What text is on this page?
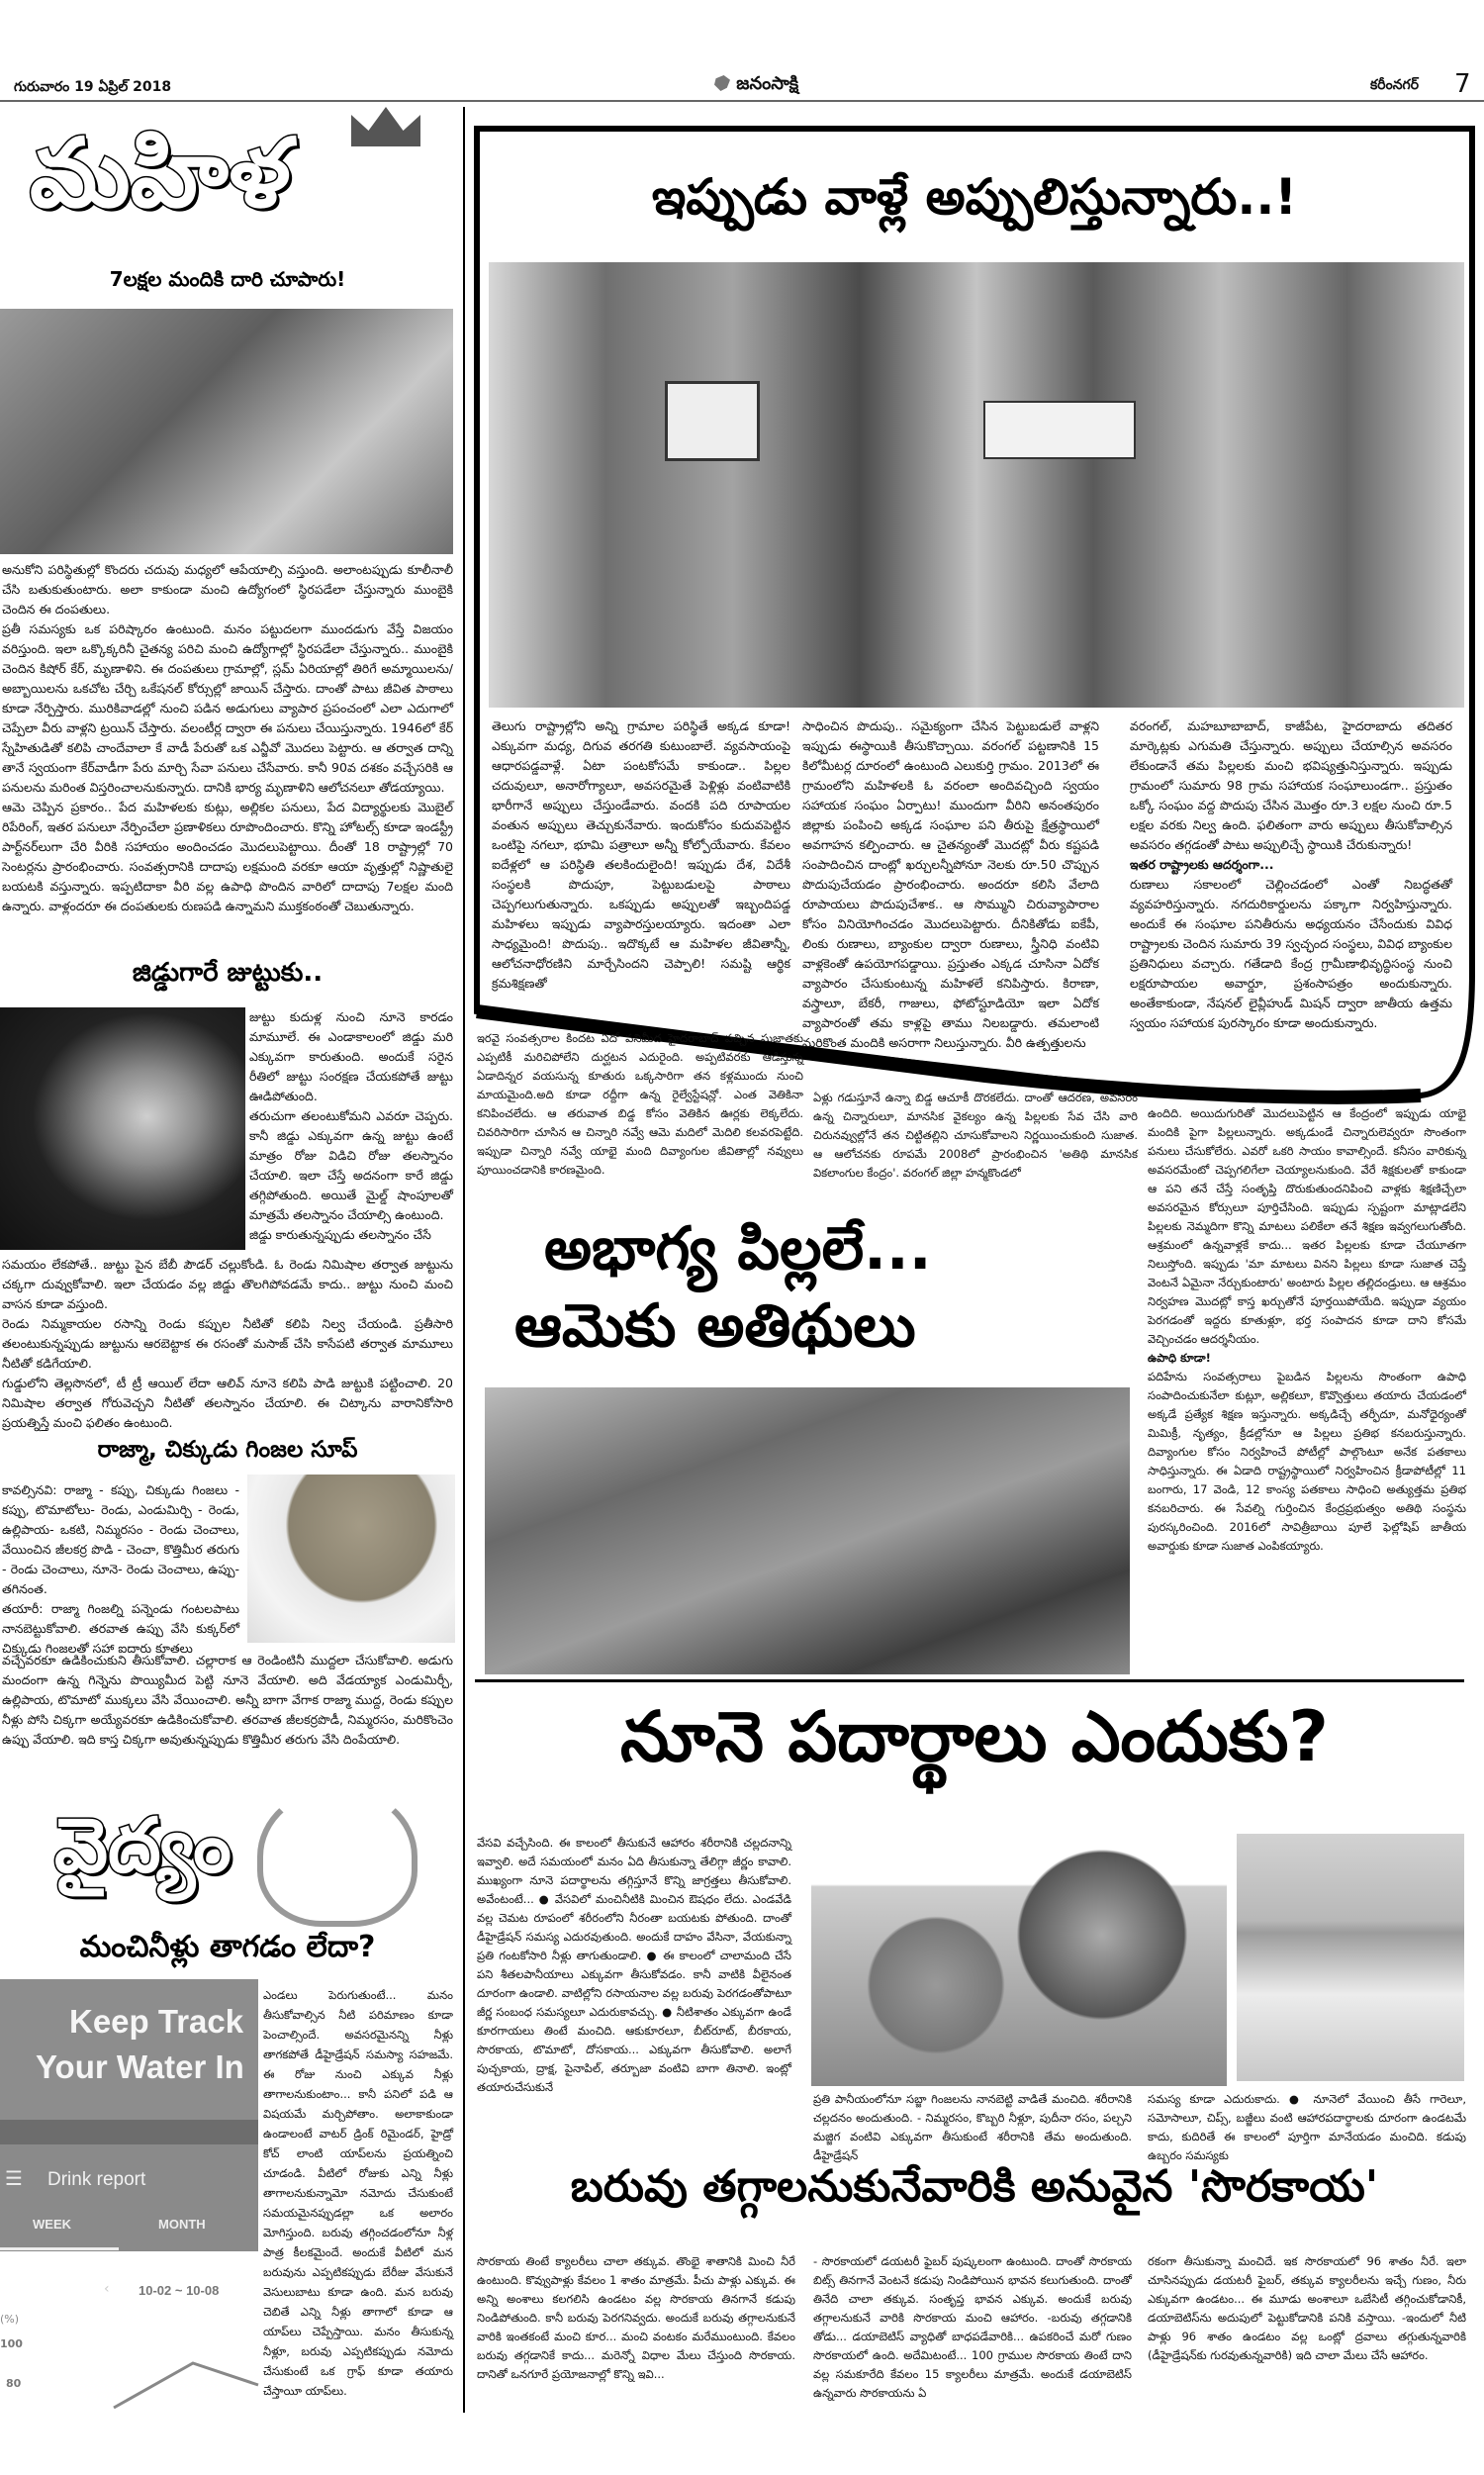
గురువారం 19 ఏప్రిల్ 2018	జనంసాక్షి	కరీంనగర్ 7
మహిళ
7లక్షల మందికి దారి చూపారు!

అనుకోని పరిస్థితుల్లో కొందరు చదువు మధ్యలో ఆపేయాల్సి వస్తుంది. అలాంటప్పుడు కూలీనాలీ చేసి బతుకుతుంటారు. అలా కాకుండా మంచి ఉద్యోగంలో స్థిరపడేలా చేస్తున్నారు ముంబైకి చెందిన ఈ దంపతులు.

ప్రతీ సమస్యకు ఒక పరిష్కారం ఉంటుంది. మనం పట్టుదలగా ముందడుగు వేస్తే విజయం వరిస్తుంది. ఇలా ఒక్కొక్కరినీ చైతన్య పరిచి మంచి ఉద్యోగాల్లో స్థిరపడేలా చేస్తున్నారు.. ముంబైకి చెందిన కిషోర్ కేర్, మృణాళిని. ఈ దంపతులు గ్రామాల్లో, స్లమ్ ఏరియాల్లో తిరిగే అమ్మాయిలను/ అబ్బాయిలను ఒకచోట చేర్చి ఒకేషనల్ కోర్సుల్లో జాయిన్ చేస్తారు. దాంతో పాటు జీవిత పాఠాలు కూడా నేర్పిస్తారు. మురికివాడల్లో నుంచి పడిన అడుగులు వ్యాపార ప్రపంచంలో ఎలా ఎదుగాలో చెప్పేలా వీరు వాళ్లని ట్రయిన్ చేస్తారు. వలంటీర్ల ద్వారా ఈ పనులు చేయిస్తున్నారు. 1946లో కేర్ స్నేహితుడితో కలిపి చాందేవాలా కే వాడీ పేరుతో ఒక ఎన్జీవో మొదలు పెట్టారు. ఆ తర్వాత దాన్ని తానే స్వయంగా కేర్‌వాడీగా పేరు మార్చి సేవా పనులు చేసేవారు. కానీ 90వ దశకం వచ్చేసరికి ఆ పనులను మరింత విస్తరించాలనుకున్నారు. దానికి భార్య మృణాళిని ఆలోచనలూ తోడయ్యాయి.

ఆమె చెప్పిన ప్రకారం.. పేద మహిళలకు కుట్లు, అల్లికల పనులు, పేద విద్యార్థులకు మొబైల్ రిపేరింగ్, ఇతర పనులూ నేర్పించేలా ప్రణాళికలు రూపొందించారు. కొన్ని హోటల్స్ కూడా ఇండస్ట్రీ పార్ట్‌నర్‌లుగా చేరి వీరికి సహాయం అందించడం మొదలుపెట్టాయి. దీంతో 18 రాష్ట్రాల్లో 70 సెంటర్లను ప్రారంభించారు. సంవత్సరానికి దాదాపు లక్షమంది వరకూ ఆయా వృత్తుల్లో నిష్ణాతులై బయటకి వస్తున్నారు. ఇప్పటిదాకా వీరి వల్ల ఉపాధి పొందిన వారిలో దాదాపు 7లక్షల మంది ఉన్నారు. వాళ్లందరూ ఈ దంపతులకు రుణపడి ఉన్నామని ముక్తకంఠంతో చెబుతున్నారు.

జిడ్డుగారే జుట్టుకు..

జుట్టు కుదుళ్ల నుంచి నూనె కారడం మామూలే. ఈ ఎండాకాలంలో జిడ్డు మరి ఎక్కువగా కారుతుంది. అందుకే సరైన రీతిలో జుట్టు సంరక్షణ చేయకపోతే జుట్టు ఊడిపోతుంది.

తరుచుగా తలంటుకోమని ఎవరూ చెప్పరు. కానీ జిడ్డు ఎక్కువగా ఉన్న జుట్టు ఉంటే మాత్రం రోజు విడిచి రోజు తలస్నానం చేయాలి. ఇలా చేస్తే అదనంగా కారే జిడ్డు తగ్గిపోతుంది. అయితే మైల్డ్ షాంపూలతో మాత్రమే తలస్నానం చేయాల్సి ఉంటుంది.

జిడ్డు కారుతున్నప్పుడు తలస్నానం చేసే

సమయం లేకపోతే.. జుట్టు పైన బేబీ పౌడర్ చల్లుకోండి. ఓ రెండు నిమిషాల తర్వాత జుట్టును చక్కగా దువ్వుకోవాలి. ఇలా చేయడం వల్ల జిడ్డు తొలగిపోవడమే కాదు.. జుట్టు నుంచి మంచి వాసన కూడా వస్తుంది.

రెండు నిమ్మకాయల రసాన్ని రెండు కప్పుల నీటితో కలిపి నిల్వ చేయండి. ప్రతీసారి తలంటుకున్నప్పుడు జుట్టును ఆరబెట్టాక ఈ రసంతో మసాజ్ చేసి కాసేపటి తర్వాత మామూలు నీటితో కడిగేయాలి.

గుడ్డులోని తెల్లసొనలో, టీ ట్రీ ఆయిల్ లేదా ఆలివ్ నూనె కలిపి పాడి జుట్టుకి పట్టించాలి. 20 నిమిషాల తర్వాత గోరువెచ్చని నీటితో తలస్నానం చేయాలి. ఈ చిట్కాను వారానికోసారి ప్రయత్నిస్తే మంచి ఫలితం ఉంటుంది.

రాజ్మా, చిక్కుడు గింజల సూప్

కావల్సినవి: రాజ్మా - కప్పు, చిక్కుడు గింజలు - కప్పు, టొమాటోలు- రెండు, ఎండుమిర్చి - రెండు, ఉల్లిపాయ- ఒకటి, నిమ్మరసం - రెండు చెంచాలు, వేయించిన జీలకర్ర పొడి - చెంచా, కొత్తిమీర తరుగు - రెండు చెంచాలు, నూనె- రెండు చెంచాలు, ఉప్పు-తగినంత.

తయారీ: రాజ్మా గింజల్ని పన్నెండు గంటలపాటు నానబెట్టుకోవాలి. తరవాత ఉప్పు వేసి కుక్కర్‌లో చిక్కుడు గింజలతో సహా ఐదారు కూతలు

వచ్చేవరకూ ఉడికించుకుని తీసుకోవాలి. చల్లారాక ఆ రెండింటినీ ముద్దలా చేసుకోవాలి. అడుగు మందంగా ఉన్న గిన్నెను పొయ్యిమీద పెట్టి నూనె వేయాలి. అది వేడయ్యాక ఎండుమిర్చీ, ఉల్లిపాయ, టొమాటో ముక్కలు వేసి వేయించాలి. అన్నీ బాగా వేగాక రాజ్మా ముద్ద, రెండు కప్పుల నీళ్లు పోసి చిక్కగా అయ్యేవరకూ ఉడికించుకోవాలి. తరవాత జీలకర్రపొడీ, నిమ్మరసం, మరికొంచెం ఉప్పు వేయాలి. ఇది కాస్త చిక్కగా అవుతున్నప్పుడు కొత్తిమీర తరుగు వేసి దింపేయాలి.
వైద్యం
మంచినీళ్లు తాగడం లేదా?
Keep Track
Your Water In
☰ Drink report
WEEK	MONTH
‹ 10-02 ~ 10-08
(%)
100
80
ఎండలు పెరుగుతుంటే... మనం తీసుకోవాల్సిన నీటి పరిమాణం కూడా పెంచాల్సిందే. అవసరమైనన్ని నీళ్లు తాగకపోతే డీహైడ్రేషన్ సమస్యా సహజమే. ఈ రోజు నుంచి ఎక్కువ నీళ్లు తాగాలనుకుంటాం... కానీ పనిలో పడి ఆ విషయమే మర్చిపోతాం. అలాకాకుండా ఉండాలంటే వాటర్ డ్రింక్ రిమైండర్, హైడ్రో కోచ్ లాంటి యాప్‌లను ప్రయత్నించి చూడండి. వీటిలో రోజుకు ఎన్ని నీళ్లు తాగాలనుకున్నామో నమోదు చేసుకుంటే సమయమైనప్పుడల్లా ఒక అలారం మోగిస్తుంది. బరువు తగ్గించడంలోనూ నీళ్ల పాత్ర కీలకమైందే. అందుకే వీటిలో మన బరువును ఎప్పటికప్పుడు బేరీజు వేసుకునే వెసులుబాటు కూడా ఉంది. మన బరువు చెబితే ఎన్ని నీళ్లు తాగాలో కూడా ఆ యాప్‌లు చెప్పేస్తాయి. మనం తీసుకున్న నీళ్లూ, బరువు ఎప్పటికప్పుడు నమోదు చేసుకుంటే ఒక గ్రాఫ్ కూడా తయారు చేస్తాయీ యాప్‌లు.
ఇప్పుడు వాళ్లే అప్పులిస్తున్నారు..!
తెలుగు రాష్ట్రాల్లోని అన్ని గ్రామాల పరిస్థితే అక్కడ కూడా! ఎక్కువగా మధ్య, దిగువ తరగతి కుటుంబాలే. వ్యవసాయంపై ఆధారపడ్డవాళ్లే. ఏటా పంటకోసమే కాకుండా.. పిల్లల చదువులూ, అనారోగ్యాలూ, అవసరమైతే పెళ్లిళ్లు వంటివాటికి భారీగానే అప్పులు చేస్తుండేవారు. వందకి పది రూపాయల వంతున అప్పులు తెచ్చుకునేవారు. ఇందుకోసం కుదువపెట్టిన ఒంటిపై నగలూ, భూమి పత్రాలూ అన్నీ కోల్పోయేవారు. కేవలం ఐదేళ్లలో ఆ పరిస్థితి తలకిందులైంది! ఇప్పుడు దేశ, విదేశీ సంస్థలకి పొదుపూ, పెట్టుబడులపై పాఠాలు చెప్పగలుగుతున్నారు. ఒకప్పుడు అప్పులతో ఇబ్బందిపడ్డ మహిళలు ఇప్పుడు వ్యాపారస్తులయ్యారు. ఇదంతా ఎలా సాధ్యమైంది! పొదుపు.. ఇదొక్కటే ఆ మహిళల జీవితాన్నీ, ఆలోచనాధోరణిని మార్చేసిందని చెప్పాలి! సమష్టి ఆర్థిక క్రమశిక్షణతో
సాధించిన పొదుపు.. సమైక్యంగా చేసిన పెట్టుబడులే వాళ్లని ఇప్పుడు ఈస్థాయికి తీసుకొచ్చాయి. వరంగల్ పట్టణానికి 15 కిలోమీటర్ల దూరంలో ఉంటుంది ఎలుకుర్తి గ్రామం. 2013లో ఈ గ్రామంలోని మహిళలకి ఓ వరంలా అందివచ్చింది స్వయం సహాయక సంఘం ఏర్పాటు! ముందుగా వీరిని అనంతపురం జిల్లాకు పంపించి అక్కడ సంఘాల పని తీరుపై క్షేత్రస్థాయిలో అవగాహన కల్పించారు. ఆ చైతన్యంతో మొదట్లో వీరు కష్టపడి సంపాదించిన దాంట్లో ఖర్చులన్నీపోనూ నెలకు రూ.50 చొప్పున పొదుపుచేయడం ప్రారంభించారు. అందరూ కలిసి వేలాది రూపాయలు పొదుపుచేశాక.. ఆ సొమ్ముని చిరువ్యాపారాల కోసం వినియోగించడం మొదలుపెట్టారు. దీనికితోడు ఐకేపీ, లింకు రుణాలు, బ్యాంకుల ద్వారా రుణాలు, స్త్రీనిధి వంటివి వాళ్లకెంతో ఉపయోగపడ్డాయి. ప్రస్తుతం ఎక్కడ చూసినా ఏదోక వ్యాపారం చేసుకుంటున్న మహిళలే కనిపిస్తారు. కిరాణా, వస్త్రాలూ, బేకరీ, గాజులు, ఫోటోస్టూడియో ఇలా ఏదోక వ్యాపారంతో తమ కాళ్లపై తాము నిలబడ్డారు. తమలాంటి మరికొంత మందికి అసరాగా నిలుస్తున్నారు. వీరి ఉత్పత్తులను

వరంగల్, మహబూబాబాద్, కాజీపేట, హైదరాబాదు తదితర మార్కెట్లకు ఎగుమతి చేస్తున్నారు. అప్పులు చేయాల్సిన అవసరం లేకుండానే తమ పిల్లలకు మంచి భవిష్యత్తునిస్తున్నారు. ఇప్పుడు గ్రామంలో సుమారు 98 గ్రామ సహాయక సంఘాలుండగా.. ప్రస్తుతం ఒక్కో సంఘం వద్ద పొదుపు చేసిన మొత్తం రూ.3 లక్షల నుంచి రూ.5 లక్షల వరకు నిల్వ ఉంది. ఫలితంగా వారు అప్పులు తీసుకోవాల్సిన అవసరం తగ్గడంతో పాటు అప్పులిచ్చే స్థాయికి చేరుకున్నారు!

ఇతర రాష్ట్రాలకు ఆదర్శంగా...

రుణాలు సకాలంలో చెల్లించడంలో ఎంతో నిబద్ధతతో వ్యవహరిస్తున్నారు. నగదురికార్డులను పక్కాగా నిర్వహిస్తున్నారు. అందుకే ఈ సంఘాల పనితీరును అధ్యయనం చేసేందుకు వివిధ రాష్ట్రాలకు చెందిన సుమారు 39 స్వచ్ఛంద సంస్థలు, వివిధ బ్యాంకుల ప్రతినిధులు వచ్చారు. గతేడాది కేంద్ర గ్రామీణాభివృద్ధిసంస్థ నుంచి లక్షరూపాయల అవార్డూ, ప్రశంసాపత్రం అందుకున్నారు. అంతేకాకుండా, నేషనల్ లైవ్లీహుడ్ మిషన్ ద్వారా జాతీయ ఉత్తమ స్వయం సహాయక పురస్కారం కూడా అందుకున్నారు.

ఇరవై సంవత్సరాల కిందట ఏదో పనిమీద హైదరాబాద్ వచ్చిన సుజాతకు ఎప్పటికీ మరిచిపోలేని దుర్ఘటన ఎదురైంది. అప్పటివరకు ఆడిస్తున్న ఏడాదిన్నర వయసున్న కూతురు ఒక్కసారిగా తన కళ్లముందు నుంచి మాయమైంది.అది కూడా రద్దీగా ఉన్న రైల్వేస్టేషన్లో. ఎంత వెతికినా కనిపించలేదు. ఆ తరువాత బిడ్డ కోసం వెతికిన ఊర్లకు లెక్కలేదు. చివరిసారిగా చూసిన ఆ చిన్నారి నవ్వే ఆమె మదిలో మెదిలి కలవరపెట్టేది. ఇప్పుడా చిన్నారి నవ్వే యాభై మంది దివ్యాంగుల జీవితాల్లో నవ్వులు పూయించడానికి కారణమైంది.
ఏళ్లు గడుస్తూనే ఉన్నా బిడ్డ ఆచూకీ దొరకలేదు. దాంతో ఆదరణ, అవసరం ఉన్న చిన్నారులూ, మానసిక వైకల్యం ఉన్న పిల్లలకు సేవ చేసి వారి చిరునవ్వుల్లోనే తన చిట్టితల్లిని చూసుకోవాలని నిర్ణయించుకుంది సుజాత. ఆ ఆలోచనకు రూపమే 2008లో ప్రారంభించిన 'అతిథి మానసిక వికలాంగుల కేంద్రం'. వరంగల్ జిల్లా హన్మకొండలో

ఉందిది. అయిదుగురితో మొదలుపెట్టిన ఆ కేంద్రంలో ఇప్పుడు యాభై మందికి పైగా పిల్లలున్నారు. అక్కడుండే చిన్నారులెవ్వరూ సొంతంగా పనులు చేసుకోలేరు. ఎవరో ఒకరి సాయం కావాల్సిందే. కనీసం వారికున్న అవసరమేంటో చెప్పగలిగేలా చెయ్యాలనుకుంది. వేరే శిక్షకులతో కాకుండా ఆ పని తనే చేస్తే సంతృప్తి దొరుకుతుందనిపించి వాళ్లకు శిక్షణిచ్చేలా అవసరమైన కోర్సులూ పూర్తిచేసింది. ఇప్పుడు స్పష్టంగా మాట్లాడలేని పిల్లలకు నెమ్మదిగా కొన్ని మాటలు పలికేలా తనే శిక్షణ ఇవ్వగలుగుతోంది. ఆశ్రమంలో ఉన్నవాళ్లకే కాదు... ఇతర పిల్లలకు కూడా చేయూతగా నిలుస్తోంది. ఇప్పుడు 'మా మాటలు వినని పిల్లలు కూడా సుజాత చెప్తే వెంటనే ఏమైనా నేర్చుకుంటారు' అంటారు పిల్లల తల్లిదండ్రులు. ఆ ఆశ్రమం నిర్వహణ మొదట్లో కాస్త ఖర్చుతోనే పూర్తయిపోయేది. ఇప్పుడా వ్యయం పెరగడంతో ఇద్దరు కూతుళ్లూ, భర్త సంపాదన కూడా దాని కోసమే వెచ్చించడం ఆదర్శనీయం.

ఉపాధి కూడా!

పదిహేను సంవత్సరాలు పైబడిన పిల్లలను సొంతంగా ఉపాధి సంపాదించుకునేలా కుట్లూ, అల్లికలూ, కొవ్వొత్తులు తయారు చేయడంలో అక్కడే ప్రత్యేక శిక్షణ ఇస్తున్నారు. అక్కడిచ్చే తర్ఫీదూ, మనోధైర్యంతో మిమిక్రీ, నృత్యం, క్రీడల్లోనూ ఆ పిల్లలు ప్రతిభ కనబరుస్తున్నారు. దివ్యాంగుల కోసం నిర్వహించే పోటీల్లో పాల్గొంటూ అనేక పతకాలు సాధిస్తున్నారు. ఈ ఏడాది రాష్ట్రస్థాయిలో నిర్వహించిన క్రీడాపోటీల్లో 11 బంగారు, 17 వెండి, 12 కాంస్య పతకాలు సాధించి అత్యుత్తమ ప్రతిభ కనబరిచారు. ఈ సేవల్ని గుర్తించిన కేంద్రప్రభుత్వం అతిథి సంస్థను పురస్కరించింది. 2016లో సావిత్రీబాయి పూలే ఫెల్లోషిప్ జాతీయ అవార్డుకు కూడా సుజాత ఎంపికయ్యారు.

అభాగ్య పిల్లలే...
ఆమెకు అతిథులు
నూనె పదార్థాలు ఎందుకు?
వేసవి వచ్చేసింది. ఈ కాలంలో తీసుకునే ఆహారం శరీరానికి చల్లదనాన్ని ఇవ్వాలి. అదే సమయంలో మనం ఏది తీసుకున్నా తేలిగ్గా జీర్ణం కావాలి. ముఖ్యంగా నూనె పదార్థాలను తగ్గిస్తూనే కొన్ని జాగ్రత్తలు తీసుకోవాలి. అవేంటంటే... ● వేసవిలో మంచినీటికి మించిన ఔషధం లేదు. ఎండవేడి వల్ల చెమట రూపంలో శరీరంలోని నీరంతా బయటకు పోతుంది. దాంతో డీహైడ్రేషన్ సమస్య ఎదురవుతుంది. అందుకే దాహం వేసినా, వేయకున్నా ప్రతి గంటకోసారి నీళ్లు తాగుతుండాలి. ● ఈ కాలంలో చాలామంది చేసే పని శీతలపానీయాలు ఎక్కువగా తీసుకోవడం. కానీ వాటికి వీలైనంత దూరంగా ఉండాలి. వాటిల్లోని రసాయనాల వల్ల బరువు పెరగడంతోపాటూ జీర్ణ సంబంధ సమస్యలూ ఎదురుకావచ్చు. ● నీటిశాతం ఎక్కువగా ఉండే కూరగాయలు తింటే మంచిది. ఆకుకూరలూ, బీట్‌రూట్, బీరకాయ, సొరకాయ, టొమాటో, దోసకాయ... ఎక్కువగా తీసుకోవాలి. అలాగే పుచ్చకాయ, ద్రాక్ష, పైనాపిల్, తర్బూజా వంటివి బాగా తినాలి. ఇంట్లో తయారుచేసుకునే
ప్రతి పానీయంలోనూ సబ్జా గింజలను నానబెట్టి వాడితే మంచిది. శరీరానికి చల్లదనం అందుతుంది. - నిమ్మరసం, కొబ్బరి నీళ్లూ, పుదీనా రసం, పల్చని మజ్జిగ వంటివి ఎక్కువగా తీసుకుంటే శరీరానికి తేమ అందుతుంది. డీహైడ్రేషన్
సమస్య కూడా ఎదురుకాదు. ● నూనెలో వేయించి తీసే గారెలూ, సమోసాలూ, చిప్స్, బజ్జీలు వంటి ఆహారపదార్థాలకు దూరంగా ఉండటమే కాదు, కుదిరితే ఈ కాలంలో పూర్తిగా మానేయడం మంచిది. కడుపు ఉబ్బరం సమస్యకు
బరువు తగ్గాలనుకునేవారికి అనువైన 'సొరకాయ'
సొరకాయ తింటే క్యాలరీలు చాలా తక్కువ. తొంభై శాతానికి మించి నీరే ఉంటుంది. కొవ్వుపాళ్లు కేవలం 1 శాతం మాత్రమే. పీచు పాళ్లు ఎక్కువ. ఈ అన్ని అంశాలు కలగలిసి ఉండటం వల్ల సొరకాయ తినగానే కడుపు నిండిపోతుంది. కానీ బరువు పెరగనివ్వదు. అందుకే బరువు తగ్గాలనుకునే వారికి ఇంతకంటే మంచి కూర... మంచి వంటకం మరేముంటుంది. కేవలం బరువు తగ్గడానికే కాదు... మరెన్నో విధాల మేలు చేస్తుంది సొరకాయ. దానితో ఒనగూరే ప్రయోజనాల్లో కొన్ని ఇవి...
- సొరకాయలో డయటరీ ఫైబర్ పుష్కలంగా ఉంటుంది. దాంతో సొరకాయ బిట్స్ తినగానే వెంటనే కడుపు నిండిపోయిన భావన కలుగుతుంది. దాంతో తినేది చాలా తక్కువ. సంతృప్త భావన ఎక్కువ. అందుకే బరువు తగ్గాలనుకునే వారికి సొరకాయ మంచి ఆహారం. -బరువు తగ్గడానికి తోడు... డయాబెటిస్ వ్యాధితో బాధపడేవారికి... ఉపకరించే మరో గుణం సొరకాయలో ఉంది. అదేమిటంటే... 100 గ్రాముల సొరకాయ తింటే దాని వల్ల సమకూరేది కేవలం 15 క్యాలరీలు మాత్రమే. అందుకే డయాబెటిస్ ఉన్నవారు సొరకాయను ఏ
రకంగా తీసుకున్నా మంచిదే. ఇక సొరకాయలో 96 శాతం నీరే. ఇలా చూసినప్పుడు డయటరీ ఫైబర్, తక్కువ క్యాలరీలను ఇచ్చే గుణం, నీరు ఎక్కువగా ఉండటం... ఈ మూడు అంశాలూ ఒబేసిటీ తగ్గించుకోడానికీ, డయాబెటిస్‌ను అదుపులో పెట్టుకోడానికి పనికి వస్తాయి. -ఇందులో నీటి పాళ్లు 96 శాతం ఉండటం వల్ల ఒంట్లో ద్రవాలు తగ్గుతున్నవారికి (డీహైడ్రేషన్‌కు గురవుతున్నవారికి) ఇది చాలా మేలు చేసే ఆహారం.
